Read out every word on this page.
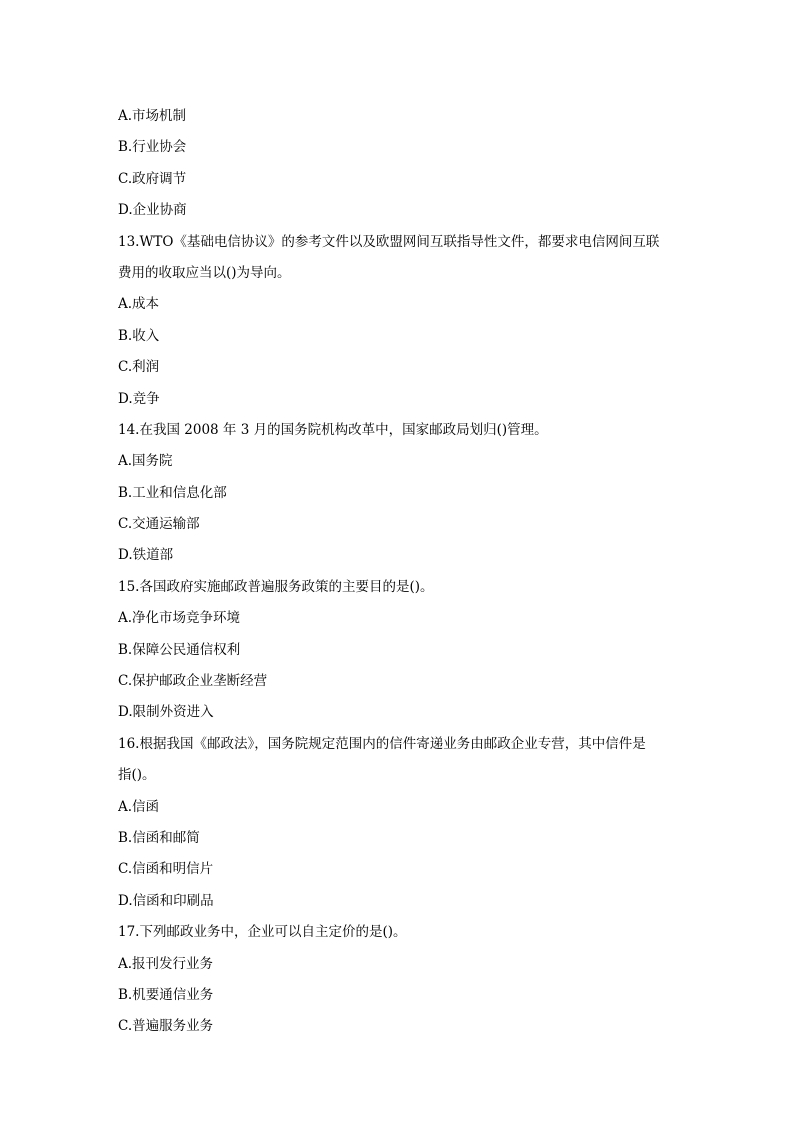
A.市场机制
B.行业协会
C.政府调节
D.企业协商
13.WTO《基础电信协议》的参考文件以及欧盟网间互联指导性文件，都要求电信网间互联
费用的收取应当以()为导向。
A.成本
B.收入
C.利润
D.竞争
14.在我国 2008 年 3 月的国务院机构改革中，国家邮政局划归()管理。
A.国务院
B.工业和信息化部
C.交通运输部
D.铁道部
15.各国政府实施邮政普遍服务政策的主要目的是()。
A.净化市场竞争环境
B.保障公民通信权利
C.保护邮政企业垄断经营
D.限制外资进入
16.根据我国《邮政法》，国务院规定范围内的信件寄递业务由邮政企业专营，其中信件是
指()。
A.信函
B.信函和邮简
C.信函和明信片
D.信函和印刷品
17.下列邮政业务中，企业可以自主定价的是()。
A.报刊发行业务
B.机要通信业务
C.普遍服务业务
